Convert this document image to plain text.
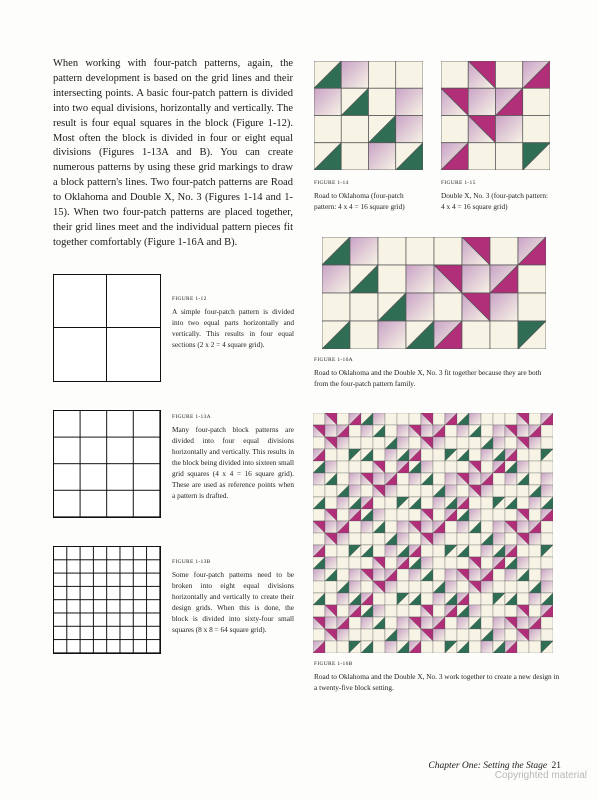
When working with four-patch patterns, again, the pattern development is based on the grid lines and their intersecting points. A basic four-patch pattern is divided into two equal divisions, horizontally and vertically. The result is four equal squares in the block (Figure 1-12). Most often the block is divided in four or eight equal divisions (Figures 1-13A and B). You can create numerous patterns by using these grid markings to draw a block pattern's lines. Two four-patch patterns are Road to Oklahoma and Double X, No. 3 (Figures 1-14 and 1-15). When two four-patch patterns are placed together, their grid lines meet and the individual pattern pieces fit together comfortably (Figure 1-16A and B).
FIGURE 1-12
A simple four-patch pattern is divided into two equal parts horizontally and vertically. This results in four equal sections (2 x 2 = 4 square grid).
FIGURE 1-13A
Many four-patch block patterns are divided into four equal divisions horizontally and vertically. This results in the block being divided into sixteen small grid squares (4 x 4 = 16 square grid). These are used as reference points when a pattern is drafted.
FIGURE 1-13B
Some four-patch patterns need to be broken into eight equal divisions horizontally and vertically to create their design grids. When this is done, the block is divided into sixty-four small squares (8 x 8 = 64 square grid).
FIGURE 1-14
Road to Oklahoma (four-patch pattern: 4 x 4 = 16 square grid)
FIGURE 1-15
Double X, No. 3 (four-patch pattern: 4 x 4 = 16 square grid)
FIGURE 1-16A
Road to Oklahoma and the Double X, No. 3 fit together because they are both from the four-patch pattern family.
FIGURE 1-16B
Road to Oklahoma and the Double X, No. 3 work together to create a new design in a twenty-five block setting.
Chapter One: Setting the Stage 21
Copyrighted material
